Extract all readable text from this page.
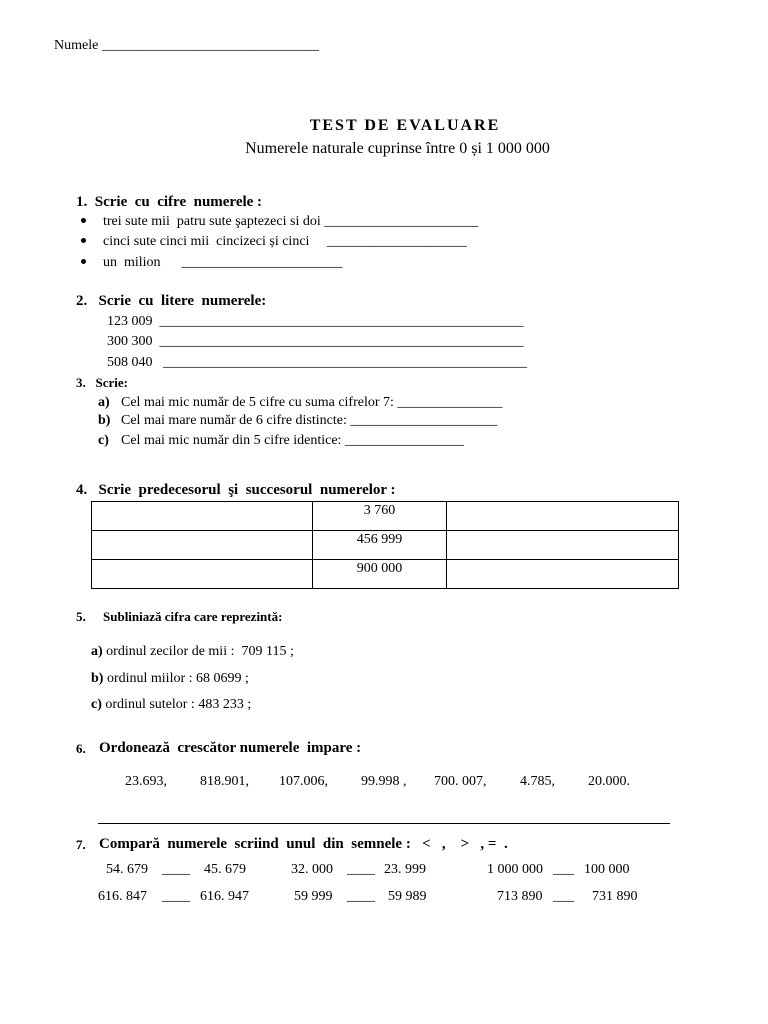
Numele _______________________________
TEST DE EVALUARE
Numerele naturale cuprinse între 0 și 1 000 000
1.  Scrie  cu  cifre  numerele :
trei sute mii  patru sute şaptezeci si doi ______________________
cinci sute cinci mii  cincizeci și cinci     ____________________
un  milion      _______________________
2.   Scrie  cu  litere  numerele:
123 009  ____________________________________________________
300 300  ____________________________________________________
508 040   ____________________________________________________
3.   Scrie:
a) Cel mai mic număr de 5 cifre cu suma cifrelor 7: _______________
b) Cel mai mare număr de 6 cifre distincte: _____________________
c) Cel mai mic număr din 5 cifre identice: _________________
4.   Scrie  predecesorul  şi  succesorul  numerelor :
	3 760	
	456 999	
	900 000	
5. Subliniază cifra care reprezintă:
a) ordinul zecilor de mii :  709 115 ;
b) ordinul miilor : 68 0699 ;
c) ordinul sutelor : 483 233 ;
6. Ordonează  crescător numerele  impare :
23.693, 818.901, 107.006, 99.998 , 700. 007, 4.785, 20.000.
7. Compară  numerele  scriind  unul  din  semnele :   <   ,    >   , =  .
54. 679 ____ 45. 679	32. 000 ____ 23. 999	1 000 000 ___ 100 000
616. 847 ____ 616. 947	59 999 ____ 59 989	713 890 ___ 731 890
